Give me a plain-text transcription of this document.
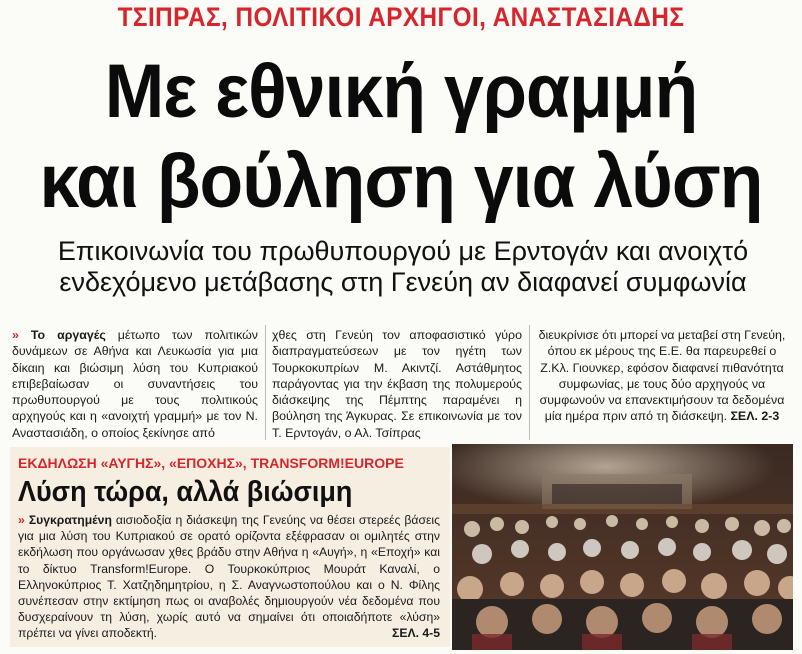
ΤΣΙΠΡΑΣ, ΠΟΛΙΤΙΚΟΙ ΑΡΧΗΓΟΙ, ΑΝΑΣΤΑΣΙΑΔΗΣ
Με εθνική γραμμή
και βούληση για λύση
Επικοινωνία του πρωθυπουργού με Ερντογάν και ανοιχτό
ενδεχόμενο μετάβασης στη Γενεύη αν διαφανεί συμφωνία
» Το αργαγές μέτωπο των πολιτικών δυνάμεων σε Αθήνα και Λευκωσία για μια δίκαιη και βιώσιμη λύση του Κυπριακού επιβεβαίωσαν οι συναντήσεις του πρωθυπουργού με τους πολιτικούς αρχηγούς και η «ανοιχτή γραμμή» με τον Ν. Αναστασιάδη, ο οποίος ξεκίνησε από
χθες στη Γενεύη τον αποφασιστικό γύρο διαπραγματεύσεων με τον ηγέτη των Τουρκοκυπρίων Μ. Ακιντζί. Αστάθμητος παράγοντας για την έκβαση της πολυμερούς διάσκεψης της Πέμπτης παραμένει η βούληση της Άγκυρας. Σε επικοινωνία με τον Τ. Ερντογάν, ο Αλ. Τσίπρας
διευκρίνισε ότι μπορεί να μεταβεί στη Γενεύη, όπου εκ μέρους της Ε.Ε. θα παρευρεθεί ο Ζ.Κλ. Γιουνκερ, εφόσον διαφανεί πιθανότητα συμφωνίας, με τους δύο αρχηγούς να συμφωνούν να επανεκτιμήσουν τα δεδομένα μία ημέρα πριν από τη διάσκεψη. ΣΕΛ. 2-3
ΕΚΔΗΛΩΣΗ «ΑΥΓΗΣ», «ΕΠΟΧΗΣ», TRANSFORM!EUROPE
Λύση τώρα, αλλά βιώσιμη
» Συγκρατημένη αισιοδοξία η διάσκεψη της Γενεύης να θέσει στερεές βάσεις για μια λύση του Κυπριακού σε ορατό ορίζοντα εξέφρασαν οι ομιλητές στην εκδήλωση που οργάνωσαν χθες βράδυ στην Αθήνα η «Αυγή», η «Εποχή» και το δίκτυο Transform!Europe. Ο Τουρκοκύπριος Μουράτ Καναλί, ο Ελληνοκύπριος Τ. Χατζηδημητρίου, η Σ. Αναγνωστοπούλου και ο Ν. Φίλης συνέπεσαν στην εκτίμηση πως οι αναβολές δημιουργούν νέα δεδομένα που δυσχεραίνουν τη λύση, χωρίς αυτό να σημαίνει ότι οποιαδήποτε «λύση» πρέπει να γίνει αποδεκτή.	ΣΕΛ. 4-5
